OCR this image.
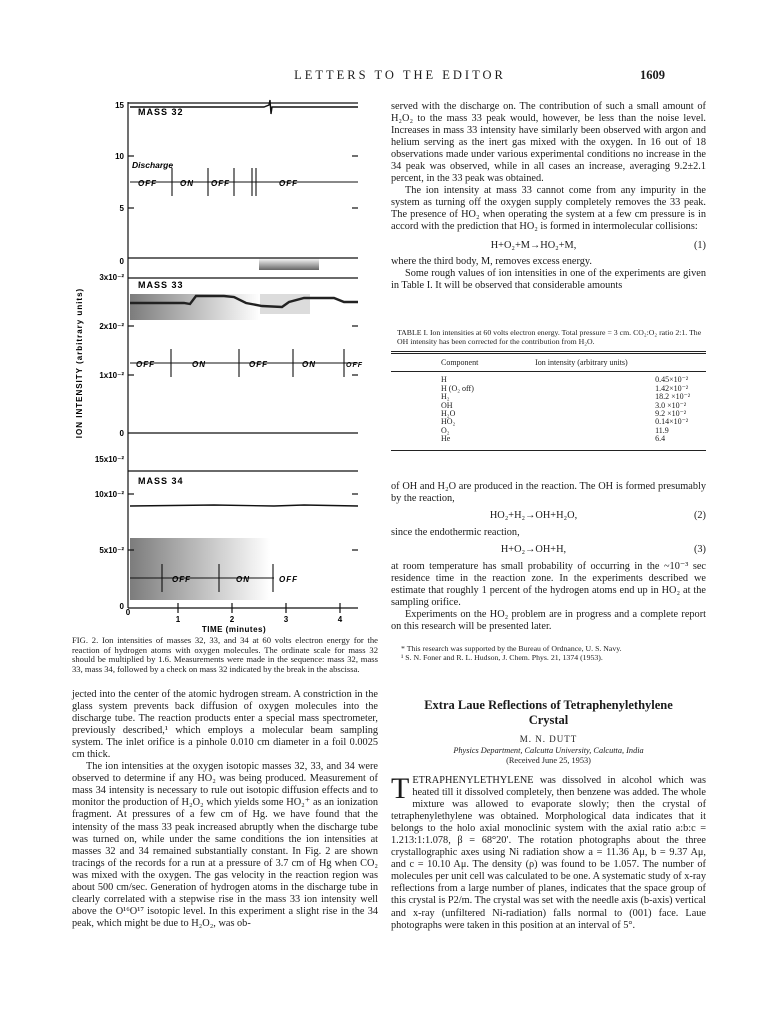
LETTERS TO THE EDITOR	1609
ION INTENSITY (arbitrary units)
MASS 32
MASS 33
MASS 34
Discharge
15
10
5
0
3x10⁻²
2x10⁻²
1x10⁻²
0
15x10⁻²
10x10⁻²
5x10⁻²
0
OFF	ON OFF	OFF
OFF	ON	OFF	ON	OFF
OFF	ON	OFF
0
1	2	3	4
TIME (minutes)

FIG. 2. Ion intensities of masses 32, 33, and 34 at 60 volts electron energy for the reaction of hydrogen atoms with oxygen molecules. The ordinate scale for mass 32 should be multiplied by 1.6. Measurements were made in the sequence: mass 32, mass 33, mass 34, followed by a check on mass 32 indicated by the break in the abscissa.

served with the discharge on. The contribution of such a small amount of H₂O₂ to the mass 33 peak would, however, be less than the noise level. Increases in mass 33 intensity have similarly been observed with argon and helium serving as the inert gas mixed with the oxygen. In 16 out of 18 observations made under various experimental conditions no increase in the 34 peak was observed, while in all cases an increase, averaging 9.2±2.1 percent, in the 33 peak was obtained.

The ion intensity at mass 33 cannot come from any impurity in the system as turning off the oxygen supply completely removes the 33 peak. The presence of HO₂ when operating the system at a few cm pressure is in accord with the prediction that HO₂ is formed in intermolecular collisions:

H+O₂+M→HO₂+M,	(1)

where the third body, M, removes excess energy.

Some rough values of ion intensities in one of the experiments are given in Table I. It will be observed that considerable amounts

TABLE I. Ion intensities at 60 volts electron energy. Total pressure = 3 cm. CO₂:O₂ ratio 2:1. The OH intensity has been corrected for the contribution from H₂O.

Component	Ion intensity (arbitrary units)
H	0.45×10⁻²
H (O₂ off)	1.42×10⁻²
H₂	18.2 ×10⁻²
OH	3.0 ×10⁻²
H₂O	9.2 ×10⁻²
HO₂	0.14×10⁻²
O₂	11.9
He	6.4

of OH and H₂O are produced in the reaction. The OH is formed presumably by the reaction,

HO₂+H₂→OH+H₂O,	(2)

since the endothermic reaction,

H+O₂→OH+H,	(3)

at room temperature has small probability of occurring in the ~10⁻³ sec residence time in the reaction zone. In the experiments described we estimate that roughly 1 percent of the hydrogen atoms end up in HO₂ at the sampling orifice.

Experiments on the HO₂ problem are in progress and a complete report on this research will be presented later.

* This research was supported by the Bureau of Ordnance, U. S. Navy.
¹ S. N. Foner and R. L. Hudson, J. Chem. Phys. 21, 1374 (1953).

jected into the center of the atomic hydrogen stream. A constriction in the glass system prevents back diffusion of oxygen molecules into the discharge tube. The reaction products enter a special mass spectrometer, previously described,¹ which employs a molecular beam sampling system. The inlet orifice is a pinhole 0.010 cm diameter in a foil 0.0025 cm thick.

The ion intensities at the oxygen isotopic masses 32, 33, and 34 were observed to determine if any HO₂ was being produced. Measurement of mass 34 intensity is necessary to rule out isotopic diffusion effects and to monitor the production of H₂O₂ which yields some HO₂⁺ as an ionization fragment. At pressures of a few cm of Hg. we have found that the intensity of the mass 33 peak increased abruptly when the discharge tube was turned on, while under the same conditions the ion intensities at masses 32 and 34 remained substantially constant. In Fig. 2 are shown tracings of the records for a run at a pressure of 3.7 cm of Hg when CO₂ was mixed with the oxygen. The gas velocity in the reaction region was about 500 cm/sec. Generation of hydrogen atoms in the discharge tube in clearly correlated with a stepwise rise in the mass 33 ion intensity well above the O¹⁶O¹⁷ isotopic level. In this experiment a slight rise in the 34 peak, which might be due to H₂O₂, was ob-

Extra Laue Reflections of Tetraphenylethylene Crystal
M. N. DUTT
Physics Department, Calcutta University, Calcutta, India
(Received June 25, 1953)
T ETRAPHENYLETHYLENE was dissolved in alcohol which was heated till it dissolved completely, then benzene was added. The whole mixture was allowed to evaporate slowly; then the crystal of tetraphenylethylene was obtained. Morphological data indicates that it belongs to the holo axial monoclinic system with the axial ratio a:b:c = 1.213:1:1.078, β = 68°20′. The rotation photographs about the three crystallographic axes using Ni radiation show a = 11.36 Aμ, b = 9.37 Aμ, and c = 10.10 Aμ. The density (ρ) was found to be 1.057. The number of molecules per unit cell was calculated to be one. A systematic study of x-ray reflections from a large number of planes, indicates that the space group of this crystal is P2/m. The crystal was set with the needle axis (b-axis) vertical and x-ray (unfiltered Ni-radiation) falls normal to (001) face. Laue photographs were taken in this position at an interval of 5°.
